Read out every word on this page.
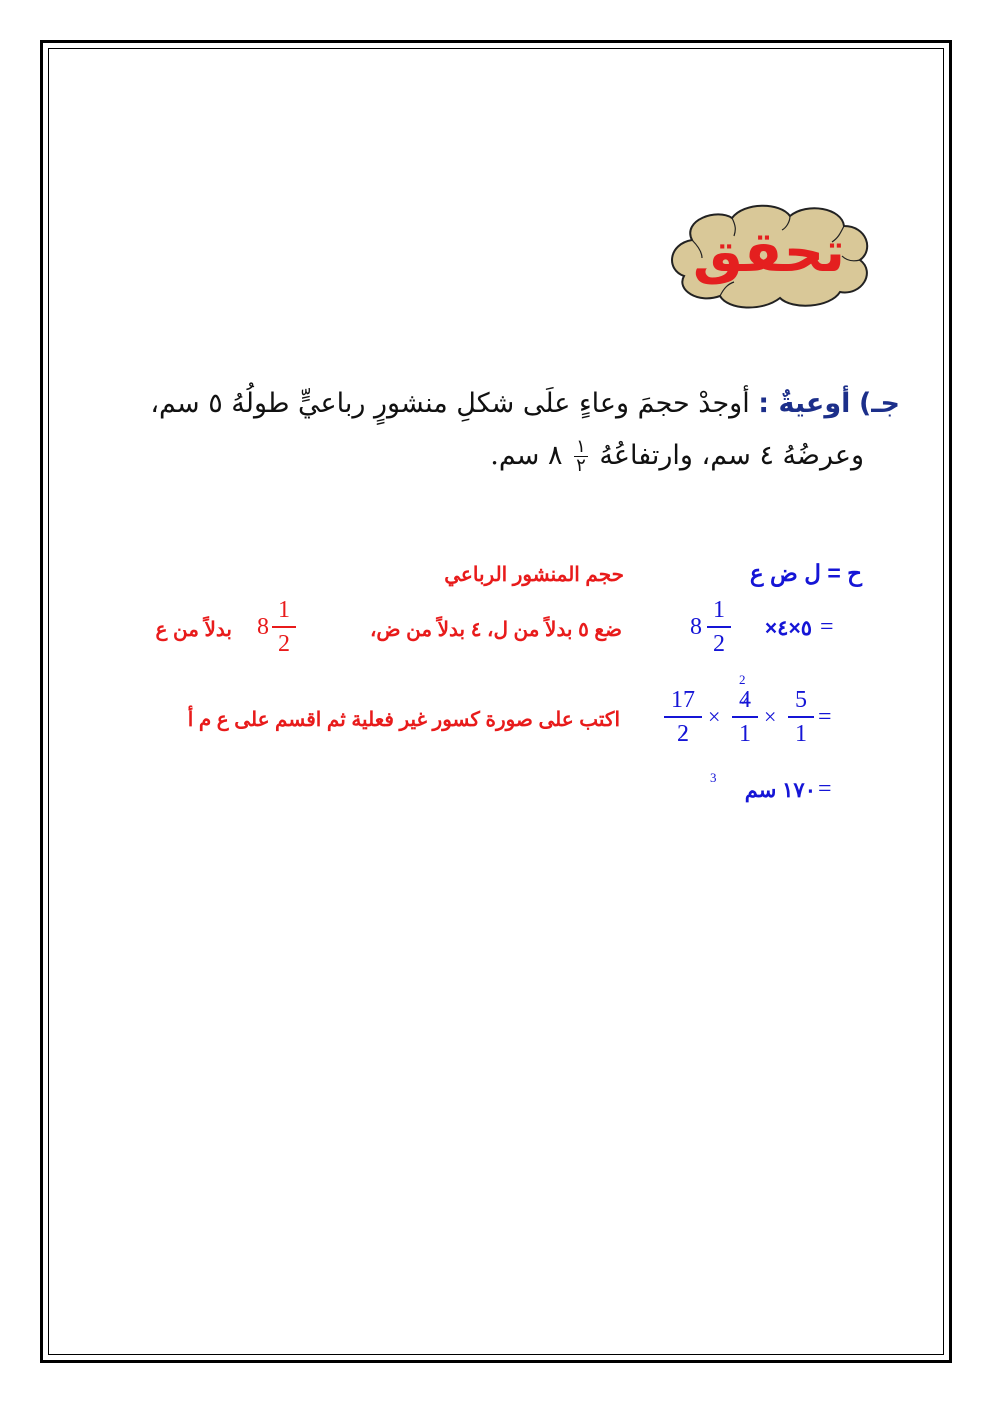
تحقق
جـ) أوعيةٌ : أوجدْ حجمَ وعاءٍ علَى شكلِ منشورٍ رباعيٍّ طولُهُ ٥ سم،
وعرضُهُ ٤ سم، وارتفاعُهُ
١
٢
٨ سم.
ح = ل ض ع
حجم المنشور الرباعي
=
٥×٤×
8
1
2
ضع ٥ بدلاً من ل، ٤ بدلاً من ض،
1
2
8
بدلاً من ع
=
5
1
×
2
4
1
×
17
2
اكتب على صورة كسور غير فعلية ثم اقسم على ع م أ
=
١٧٠ سم
3
